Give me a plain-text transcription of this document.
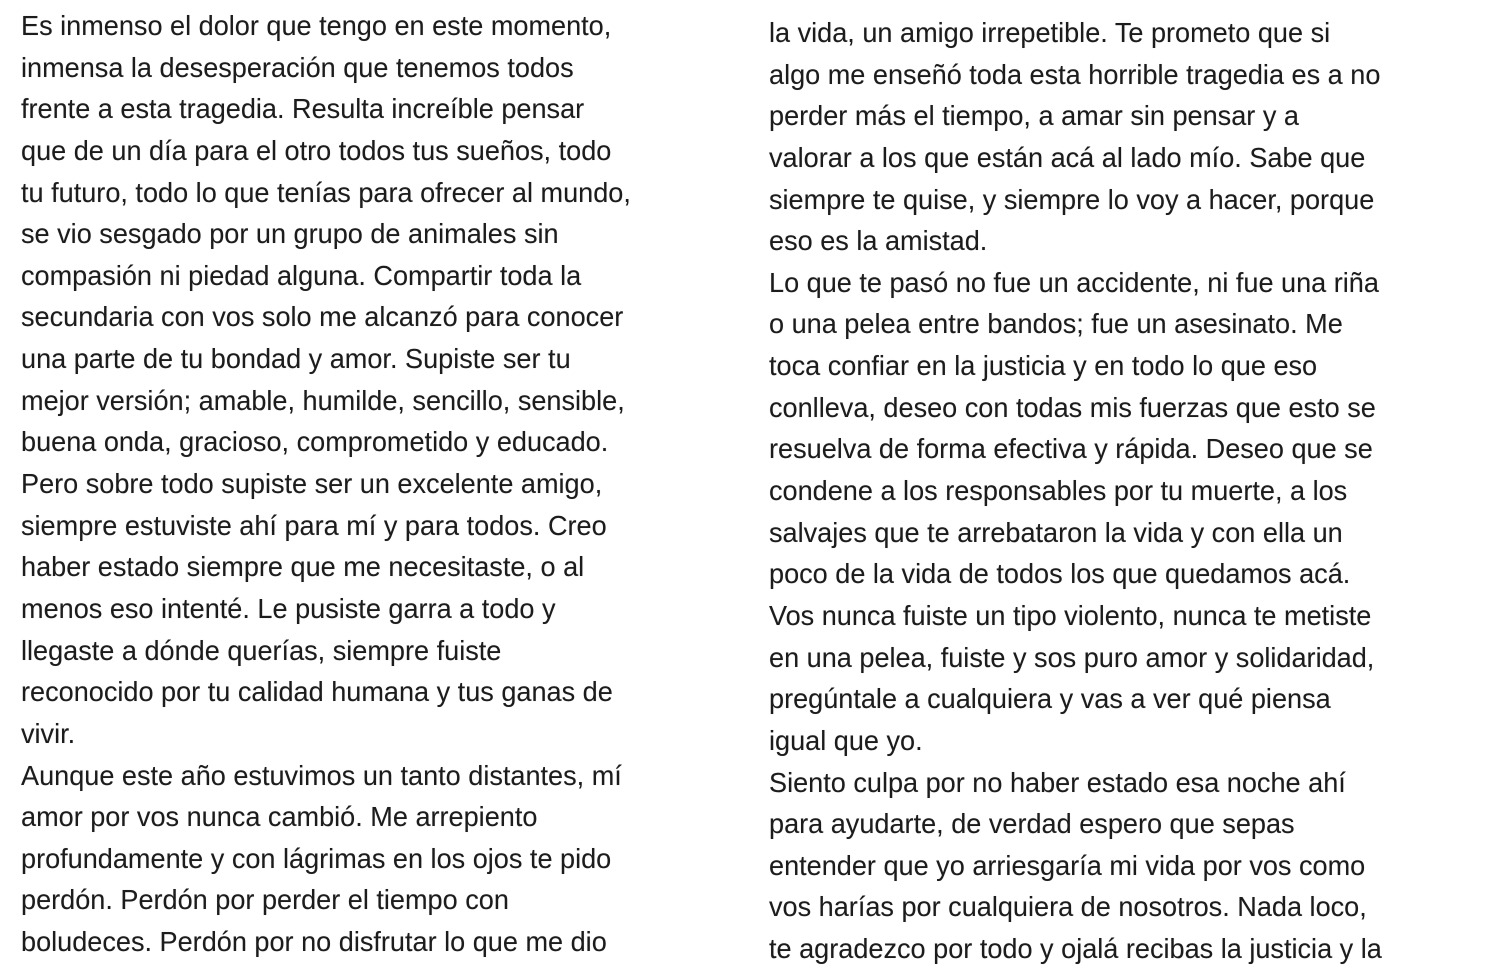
Es inmenso el dolor que tengo en este momento,
inmensa la desesperación que tenemos todos
frente a esta tragedia. Resulta increíble pensar
que de un día para el otro todos tus sueños, todo
tu futuro, todo lo que tenías para ofrecer al mundo,
se vio sesgado por un grupo de animales sin
compasión ni piedad alguna. Compartir toda la
secundaria con vos solo me alcanzó para conocer
una parte de tu bondad y amor. Supiste ser tu
mejor versión; amable, humilde, sencillo, sensible,
buena onda, gracioso, comprometido y educado.
Pero sobre todo supiste ser un excelente amigo,
siempre estuviste ahí para mí y para todos. Creo
haber estado siempre que me necesitaste, o al
menos eso intenté. Le pusiste garra a todo y
llegaste a dónde querías, siempre fuiste
reconocido por tu calidad humana y tus ganas de
vivir.
Aunque este año estuvimos un tanto distantes, mí
amor por vos nunca cambió. Me arrepiento
profundamente y con lágrimas en los ojos te pido
perdón. Perdón por perder el tiempo con
boludeces. Perdón por no disfrutar lo que me dio
la vida, un amigo irrepetible. Te prometo que si
algo me enseñó toda esta horrible tragedia es a no
perder más el tiempo, a amar sin pensar y a
valorar a los que están acá al lado mío. Sabe que
siempre te quise, y siempre lo voy a hacer, porque
eso es la amistad.
Lo que te pasó no fue un accidente, ni fue una riña
o una pelea entre bandos; fue un asesinato. Me
toca confiar en la justicia y en todo lo que eso
conlleva, deseo con todas mis fuerzas que esto se
resuelva de forma efectiva y rápida. Deseo que se
condene a los responsables por tu muerte, a los
salvajes que te arrebataron la vida y con ella un
poco de la vida de todos los que quedamos acá.
Vos nunca fuiste un tipo violento, nunca te metiste
en una pelea, fuiste y sos puro amor y solidaridad,
pregúntale a cualquiera y vas a ver qué piensa
igual que yo.
Siento culpa por no haber estado esa noche ahí
para ayudarte, de verdad espero que sepas
entender que yo arriesgaría mi vida por vos como
vos harías por cualquiera de nosotros. Nada loco,
te agradezco por todo y ojalá recibas la justicia y la
